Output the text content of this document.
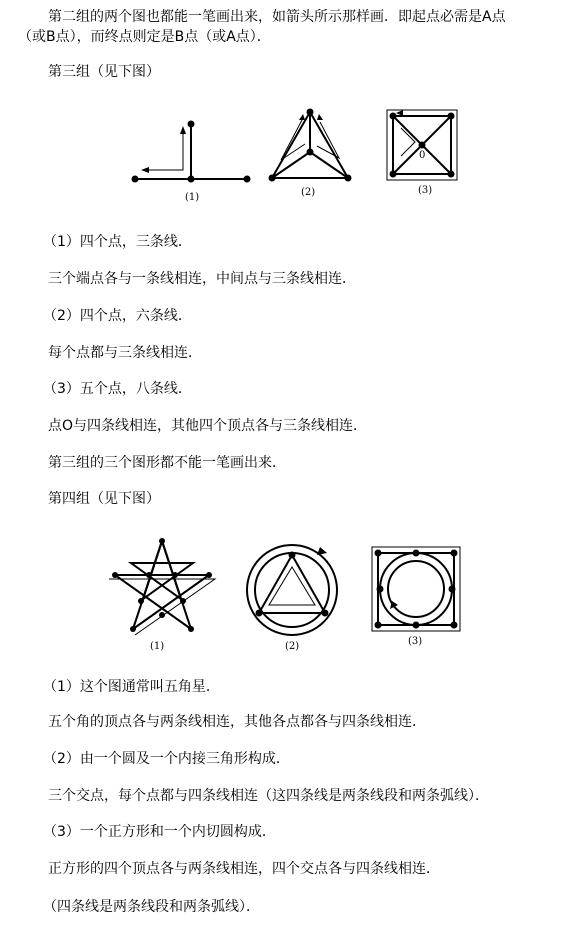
第二组的两个图也都能一笔画出来，如箭头所示那样画．即起点必需是A点
（或B点），而终点则定是B点（或A点）．
第三组（见下图）
(1)	(2)
0
(3)
（1）四个点，三条线．
三个端点各与一条线相连，中间点与三条线相连．
（2）四个点，六条线．
每个点都与三条线相连．
（3）五个点，八条线．
点O与四条线相连，其他四个顶点各与三条线相连．
第三组的三个图形都不能一笔画出来．
第四组（见下图）
(1)	(2)	(3)
（1）这个图通常叫五角星．
五个角的顶点各与两条线相连，其他各点都各与四条线相连．
（2）由一个圆及一个内接三角形构成．
三个交点，每个点都与四条线相连（这四条线是两条线段和两条弧线）．
（3）一个正方形和一个内切圆构成．
正方形的四个顶点各与两条线相连，四个交点各与四条线相连．
（四条线是两条线段和两条弧线）．
